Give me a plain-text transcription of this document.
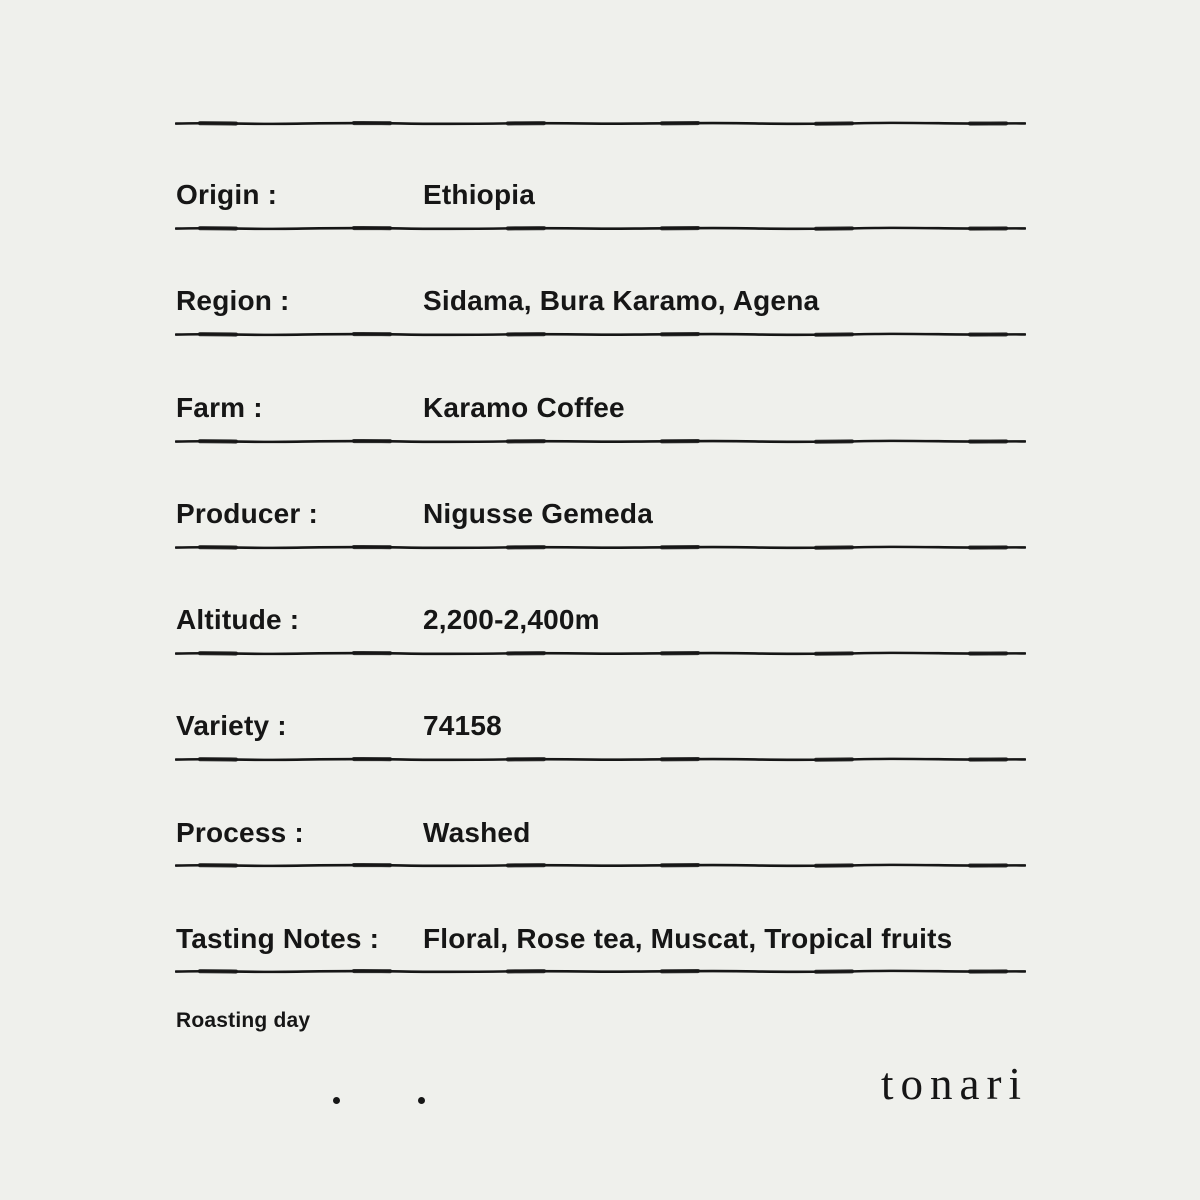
Origin :	Ethiopia
Region :	Sidama, Bura Karamo, Agena
Farm :	Karamo Coffee
Producer :	Nigusse Gemeda
Altitude :	2,200-2,400m
Variety :	74158
Process :	Washed
Tasting Notes :	Floral, Rose tea, Muscat, Tropical fruits
Roasting day
tonari
